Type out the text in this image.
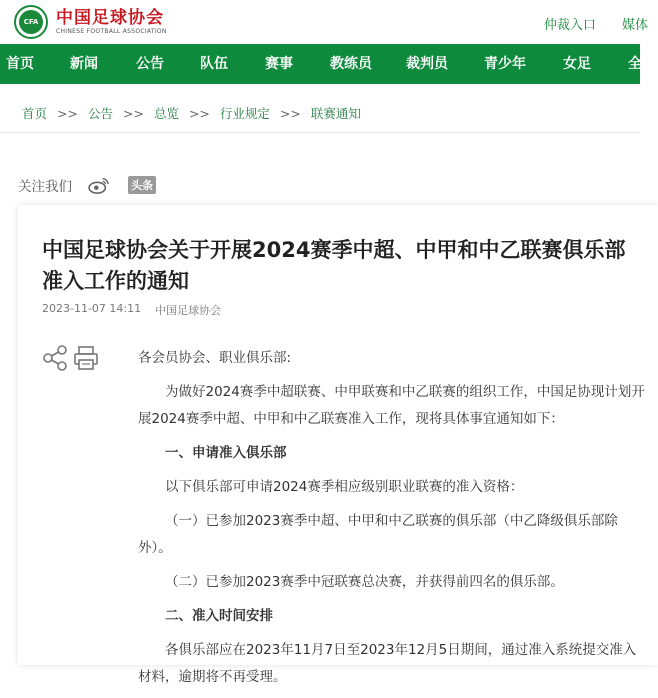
CFA 中国足球协会
CHINESE FOOTBALL ASSOCIATION	仲裁入口 媒体
首页	新闻	公告	队伍	赛事	教练员 裁判员	青少年	女足	全
首页 >> 公告 >> 总览 >> 行业规定 >> 联赛通知
关注我们	头条
中国足球协会关于开展2024赛季中超、中甲和中乙联赛俱乐部准入工作的通知
2023-11-07 14:11 中国足球协会

各会员协会、职业俱乐部:

为做好2024赛季中超联赛、中甲联赛和中乙联赛的组织工作，中国足协现计划开展2024赛季中超、中甲和中乙联赛准入工作，现将具体事宜通知如下：

一、申请准入俱乐部

以下俱乐部可申请2024赛季相应级别职业联赛的准入资格：

（一）已参加2023赛季中超、中甲和中乙联赛的俱乐部（中乙降级俱乐部除外）。

（二）已参加2023赛季中冠联赛总决赛，并获得前四名的俱乐部。

二、准入时间安排

各俱乐部应在2023年11月7日至2023年12月5日期间，通过准入系统提交准入材料，逾期将不再受理。
